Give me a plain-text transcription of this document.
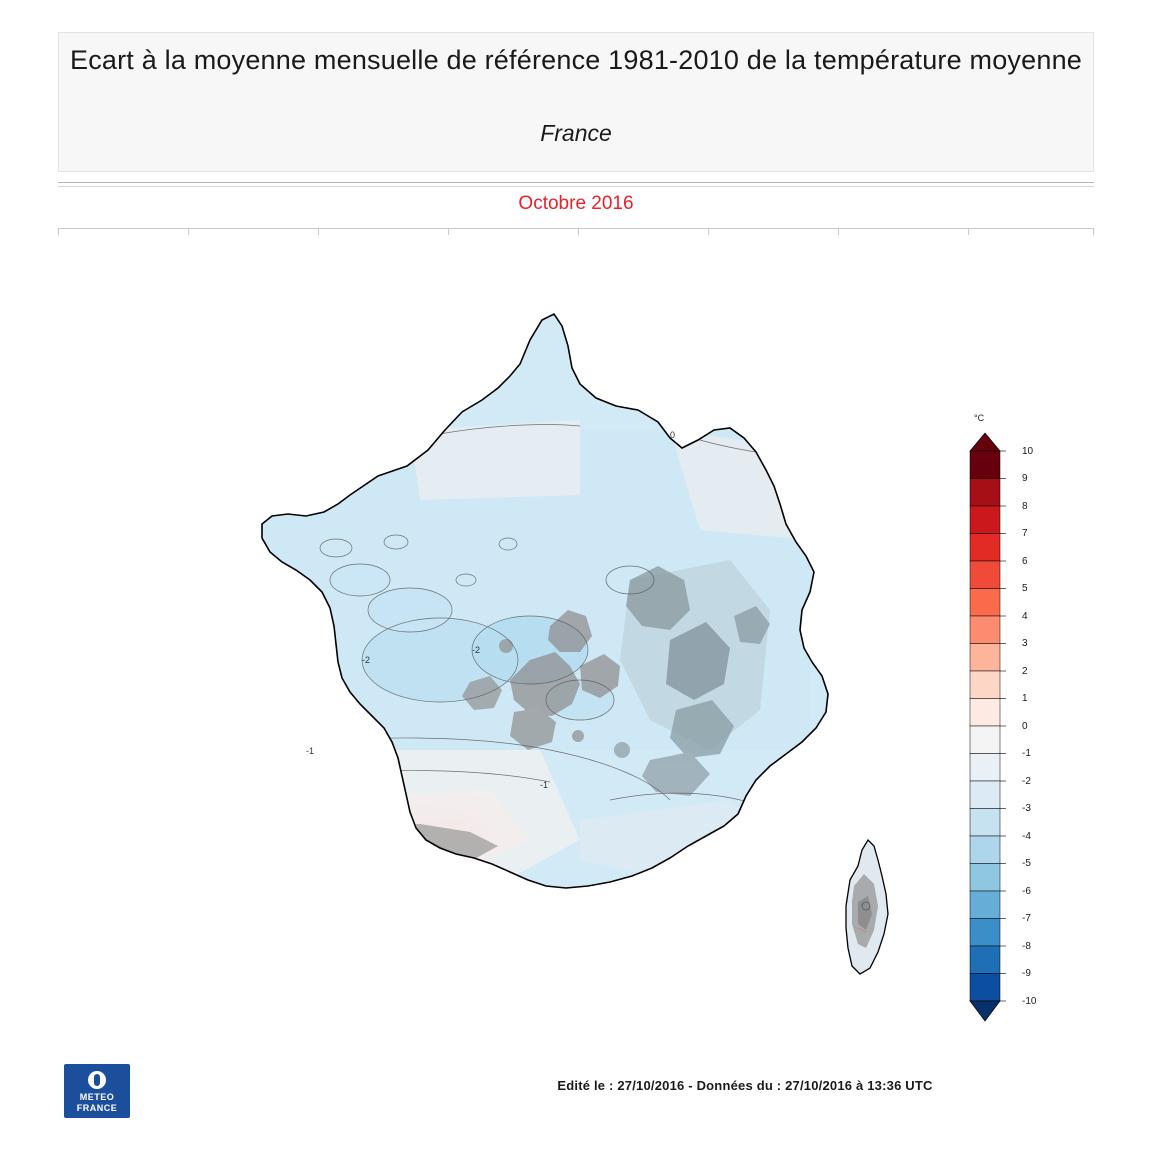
Ecart à la moyenne mensuelle de référence 1981-2010 de la température moyenne
France
Octobre 2016
-2
-2
-1
-1
0
°C
10
9
8
7
6
5
4
3
2
1
0
-1
-2
-3
-4
-5
-6
-7
-8
-9
-10
METEO
FRANCE
Edité le : 27/10/2016 - Données du : 27/10/2016 à 13:36 UTC
